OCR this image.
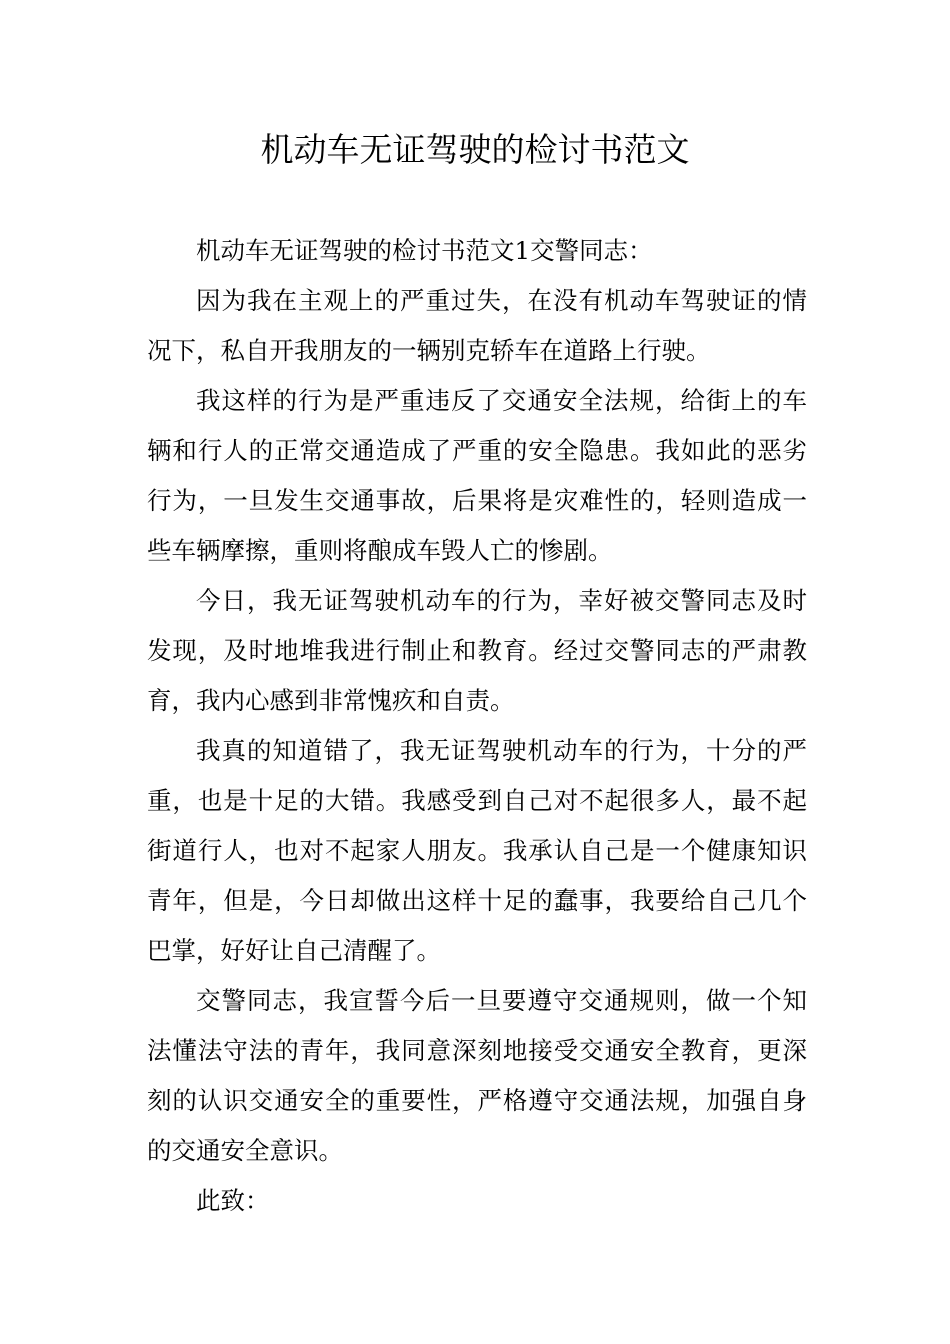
机动车无证驾驶的检讨书范文

机动车无证驾驶的检讨书范文1交警同志：

因为我在主观上的严重过失，在没有机动车驾驶证的情况下，私自开我朋友的一辆别克轿车在道路上行驶。

我这样的行为是严重违反了交通安全法规，给街上的车辆和行人的正常交通造成了严重的安全隐患。我如此的恶劣行为，一旦发生交通事故，后果将是灾难性的，轻则造成一些车辆摩擦，重则将酿成车毁人亡的惨剧。

今日，我无证驾驶机动车的行为，幸好被交警同志及时发现，及时地堆我进行制止和教育。经过交警同志的严肃教育，我内心感到非常愧疚和自责。

我真的知道错了，我无证驾驶机动车的行为，十分的严重，也是十足的大错。我感受到自己对不起很多人，最不起街道行人，也对不起家人朋友。我承认自己是一个健康知识青年，但是，今日却做出这样十足的蠢事，我要给自己几个巴掌，好好让自己清醒了。

交警同志，我宣誓今后一旦要遵守交通规则，做一个知法懂法守法的青年，我同意深刻地接受交通安全教育，更深刻的认识交通安全的重要性，严格遵守交通法规，加强自身的交通安全意识。

此致：
